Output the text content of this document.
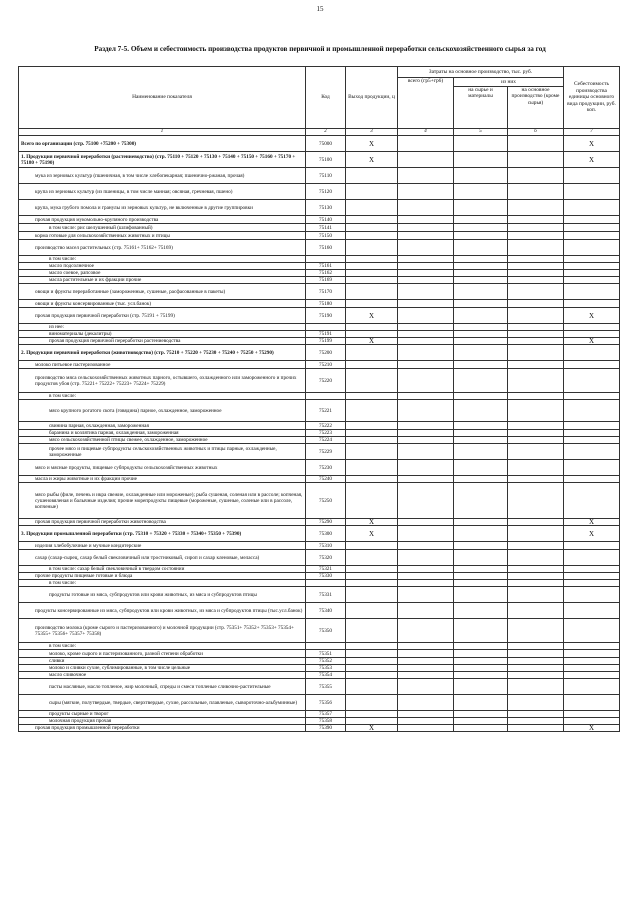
15
Раздел 7-5. Объем и себестоимость производства продуктов первичной и промышленной переработки сельскохозяйственного сырья за год
Наименование показателя	Код	Выход продукции, ц	Затраты на основное производство, тыс. руб.			Себестоимость производства единицы основного вида продукции, руб. коп.
			всего (гр5+гр6)	из них		
				на сырье и материалы	на основное производство (кроме сырья)	
1	2	3	4	5	6	7
Всего по организации (стр. 75100 +75200 + 75300)	75000	X				X
1. Продукция первичной переработки (растениеводство) (стр. 75110 + 75120 + 75130 + 75140 + 75150 + 75160 + 75170 + 75180 + 75190)	75100	X				X
мука из зерновых культур (пшеничная, в том числе хлебопекарная; пшенично-ржаная, прочая)	75110					
крупа из зерновых культур (из пшеницы, в том числе манная; овсяная, гречневая, пшено)	75120					
крупа, мука грубого помола и гранулы из зерновых культур, не включенные в другие группировки	75130					
прочая продукция мукомольно-крупяного производства	75140					
в том числе: рис шелушенный (шлифованный)	75141					
корма готовые для сельскохозяйственных животных и птицы	75150					
производство масел растительных (стр. 75161+ 75162+ 75169)	75160					
в том числе:						
масло подсолнечное	75161					
масло соевое, рапсовое	75162					
масла растительные и их фракции прочие	75169					
овощи и фрукты переработанные (замороженные, сушеные, расфасованные в пакеты)	75170					
овощи и фрукты консервированные (тыс. усл.банок)	75180					
прочая продукция первичной переработки (стр. 75191 + 75199)	75190	X				X
из нее:						
виноматериалы (декалитры)	75191					
прочая продукция первичной переработки растениеводства	75199	X				X
2. Продукция первичной переработки (животноводство) (стр. 75210 + 75220 + 75230 + 75240 + 75250 + 75290)	75200					
молоко питьевое пастеризованное	75210					
производство мяса сельскохозяйственных животных парного, остывшего, охлажденного или замороженного и прочих продуктов убоя (стр. 75221+ 75222+ 75223+ 75224+ 75229)	75220					
в том числе:						
мясо крупного рогатого скота (говядина) парное, охлажденное, замороженное	75221					
свинина парная, охлажденная, замороженная	75222					
баранина и козлятина парная, охлажденная, замороженная	75223					
мясо сельскохозяйственной птицы свежее, охлажденное, замороженное	75224					
прочее мясо и пищевые субпродукты сельскохозяйственных животных и птицы парные, охлажденные, замороженные	75229					
мясо и мясные продукты, пищевые субпродукты сельскохозяйственных животных	75230					
масла и жиры животные и их фракции прочие	75240					
мясо рыбы (филе, печень и икра свежие, охлажденные или мороженые); рыба сушеная, соленая или в рассоле; копченая, сушеновяленая и балычные изделия; прочие морепродукты пищевые (мороженые, сушеные, соленые или в рассоле, копченые)	75250					
прочая продукция первичной переработки животноводства	75290	X				X
3. Продукция промышленной переработки (стр. 75310 + 75320 + 75330 + 75340+ 75350 + 75390)	75300	X				X
изделия хлебобулочные и мучные кондитерские	75310					
сахар (сахар-сырец, сахар белый свекловичный или тростниковый, сироп и сахар кленовые, меласса)	75320					
в том числе: сахар белый свекловичный в твердом состоянии	75321					
прочие продукты пищевые готовые и блюда	75330					
в том числе:						
продукты готовые из мяса, субпродуктов или крови животных, из мяса и субпродуктов птицы	75331					
продукты консервированные из мяса, субпродуктов или крови животных, из мяса и субпродуктов птицы (тыс.усл.банок)	75340					
производство молока (кроме сырого и пастеризованного) и молочной продукции (стр. 75351+ 75352+ 75353+ 75354+ 75355+ 75356+ 75357+ 75358)	75350					
в том числе:						
молоко, кроме сырого и пастеризованного, разной степени обработки	75351					
сливки	75352					
молоко и сливки сухие, сублимированные, в том числе цельные	75353					
масло сливочное	75354					
пасты масляные, масло топленое, жир молочный, спреды и смеси топленые сливочно-растительные	75355					
сыры (мягкие, полутвердые, твердые, сверхтвердые, сухие, рассольные, плавленые, сывороточно-альбуминные)	75356					
продукты сырные и творог	75357					
молочная продукция прочая	75358					
прочая продукция промышленной переработки	75390	X				X
